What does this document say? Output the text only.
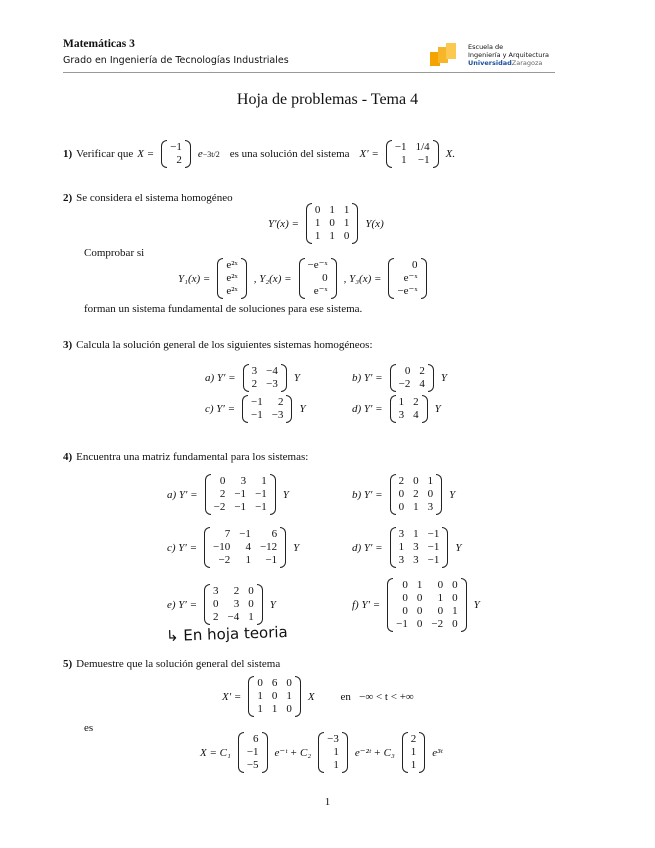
Matemáticas 3
Grado en Ingeniería de Tecnologías Industriales
Escuela de
Ingeniería y Arquitectura
UniversidadZaragoza
Hoja de problemas - Tema 4
1) Verificar que X =
−1
2 e −3t/2 es una solución del sistema X′ =
−1 1/4
1 −1 X.
2) Se considera el sistema homogéneo
Y′(x) =
0 1 1
1 0 1
1 1 0
Y(x)
Comprobar si
Y₁(x) =
e²ˣ
e²ˣ
e²ˣ
, Y₂(x) =
−e⁻ˣ
0
e⁻ˣ
, Y₃(x) =
0
e⁻ˣ
−e⁻ˣ
forman un sistema fundamental de soluciones para ese sistema.
3) Calcula la solución general de los siguientes sistemas homogéneos:
a) Y′ =
3 −4
2 −3 Y	b) Y′ =
0 2
−2 4 Y
c) Y′ =
−1	2
−1 −3 Y	d) Y′ =
1 2
3 4 Y
4) Encuentra una matriz fundamental para los sistemas:
a) Y′ =
0	3	1
2 −1 −1
−2 −1 −1
Y	b) Y′ =
2 0 1
0 2 0
0 1 3
Y
c) Y′ =
7 −1	6
−10	4 −12
−2	1	−1
Y	d) Y′ =
3 1 −1
1 3 −1
3 3 −1
Y
e) Y′ =
3	2 0
0	3 0
2 −4 1
Y	f) Y′ =
0 1	0 0
0 0	1 0
0 0	0 1
−1 0 −2 0
Y
↳ En hoja teoria
5) Demuestre que la solución general del sistema
X′ =
0 6 0
1 0 1
1 1 0
X en   −∞ < t < +∞
es
X = C₁
6
−1
−5
e⁻ᵗ + C₂
−3
1
1
e⁻²ᵗ + C₃
2
1
1
e³ᵗ
1
